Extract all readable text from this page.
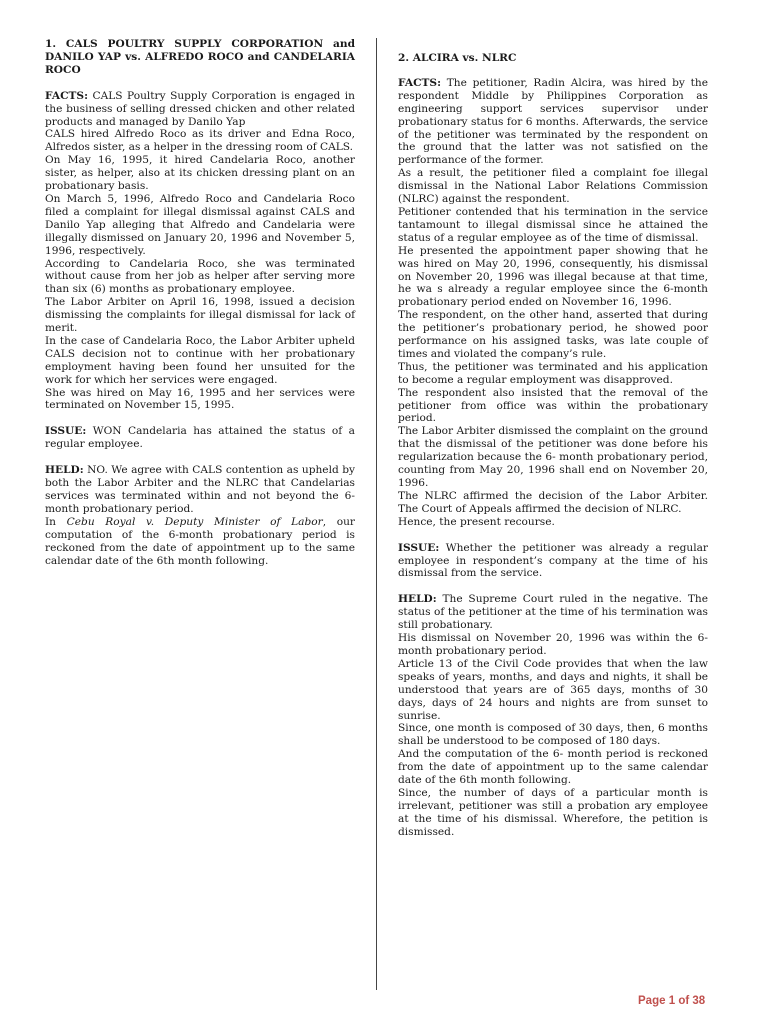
1. CALS POULTRY SUPPLY CORPORATION and DANILO YAP vs. ALFREDO ROCO and CANDELARIA ROCO

FACTS: CALS Poultry Supply Corporation is engaged in the business of selling dressed chicken and other related products and managed by Danilo Yap

CALS hired Alfredo Roco as its driver and Edna Roco, Alfredos sister, as a helper in the dressing room of CALS.

On May 16, 1995, it hired Candelaria Roco, another sister, as helper, also at its chicken dressing plant on an probationary basis.

On March 5, 1996, Alfredo Roco and Candelaria Roco filed a complaint for illegal dismissal against CALS and Danilo Yap alleging that Alfredo and Candelaria were illegally dismissed on January 20, 1996 and November 5, 1996, respectively.

According to Candelaria Roco, she was terminated without cause from her job as helper after serving more than six (6) months as probationary employee.

The Labor Arbiter on April 16, 1998, issued a decision dismissing the complaints for illegal dismissal for lack of merit.

In the case of Candelaria Roco, the Labor Arbiter upheld CALS decision not to continue with her probationary employment having been found her unsuited for the work for which her services were engaged.

She was hired on May 16, 1995 and her services were terminated on November 15, 1995.

ISSUE: WON Candelaria has attained the status of a regular employee.

HELD: NO. We agree with CALS contention as upheld by both the Labor Arbiter and the NLRC that Candelarias services was terminated within and not beyond the 6-month probationary period.

In Cebu Royal v. Deputy Minister of Labor, our computation of the 6-month probationary period is reckoned from the date of appointment up to the same calendar date of the 6th month following.

2. ALCIRA vs. NLRC

FACTS: The petitioner, Radin Alcira, was hired by the respondent Middle by Philippines Corporation as engineering support services supervisor under probationary status for 6 months. Afterwards, the service of the petitioner was terminated by the respondent on the ground that the latter was not satisfied on the performance of the former.

As a result, the petitioner filed a complaint foe illegal dismissal in the National Labor Relations Commission (NLRC) against the respondent.

Petitioner contended that his termination in the service tantamount to illegal dismissal since he attained the status of a regular employee as of the time of dismissal.

He presented the appointment paper showing that he was hired on May 20, 1996, consequently, his dismissal on November 20, 1996 was illegal because at that time, he wa s already a regular employee since the 6-month probationary period ended on November 16, 1996.

The respondent, on the other hand, asserted that during the petitioner’s probationary period, he showed poor performance on his assigned tasks, was late couple of times and violated the company’s rule.

Thus, the petitioner was terminated and his application to become a regular employment was disapproved.

The respondent also insisted that the removal of the petitioner from office was within the probationary period.

The Labor Arbiter dismissed the complaint on the ground that the dismissal of the petitioner was done before his regularization because the 6- month probationary period, counting from May 20, 1996 shall end on November 20, 1996.

The NLRC affirmed the decision of the Labor Arbiter. The Court of Appeals affirmed the decision of NLRC.

Hence, the present recourse.

ISSUE: Whether the petitioner was already a regular employee in respondent’s company at the time of his dismissal from the service.

HELD: The Supreme Court ruled in the negative. The status of the petitioner at the time of his termination was still probationary.

His dismissal on November 20, 1996 was within the 6-month probationary period.

Article 13 of the Civil Code provides that when the law speaks of years, months, and days and nights, it shall be understood that years are of 365 days, months of 30 days, days of 24 hours and nights are from sunset to sunrise.

Since, one month is composed of 30 days, then, 6 months shall be understood to be composed of 180 days.

And the computation of the 6- month period is reckoned from the date of appointment up to the same calendar date of the 6th month following.

Since, the number of days of a particular month is irrelevant, petitioner was still a probation ary employee at the time of his dismissal. Wherefore, the petition is dismissed.

Page 1 of 38
